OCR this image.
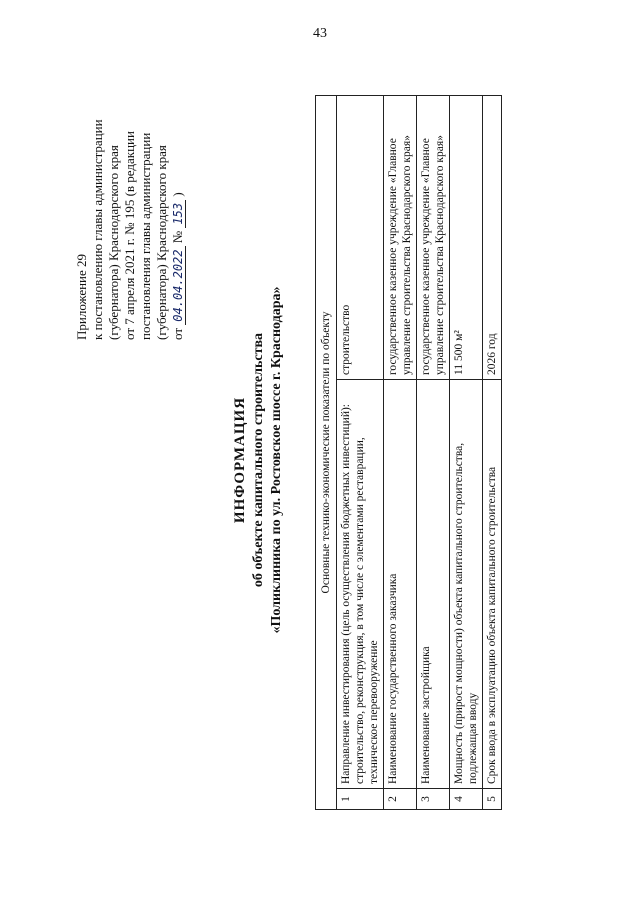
43
Приложение 29 к постановлению главы администрации (губернатора) Краснодарского края от 7 апреля 2021 г. № 195 (в редакции постановления главы администрации (губернатора) Краснодарского края от 04.04.2022 № 153 )
ИНФОРМАЦИЯ об объекте капитального строительства «Поликлиника по ул. Ростовское шоссе г. Краснодара»	Основные технико-экономические показатели по объекту		
1	Направление инвестирования (цель осуществления бюджетных инвестиций): строительство, реконструкция, в том числе с элементами реставрации, техническое перевооружение	строительство
2	Наименование государственного заказчика	государственное казенное учреждение «Главное управление строительства Краснодарского края»
3	Наименование застройщика	государственное казенное учреждение «Главное управление строительства Краснодарского края»
4	Мощность (прирост мощности) объекта капитального строительства, подлежащая вводу	11 500 м²
5	Срок ввода в эксплуатацию объекта капитального строительства	2026 год
